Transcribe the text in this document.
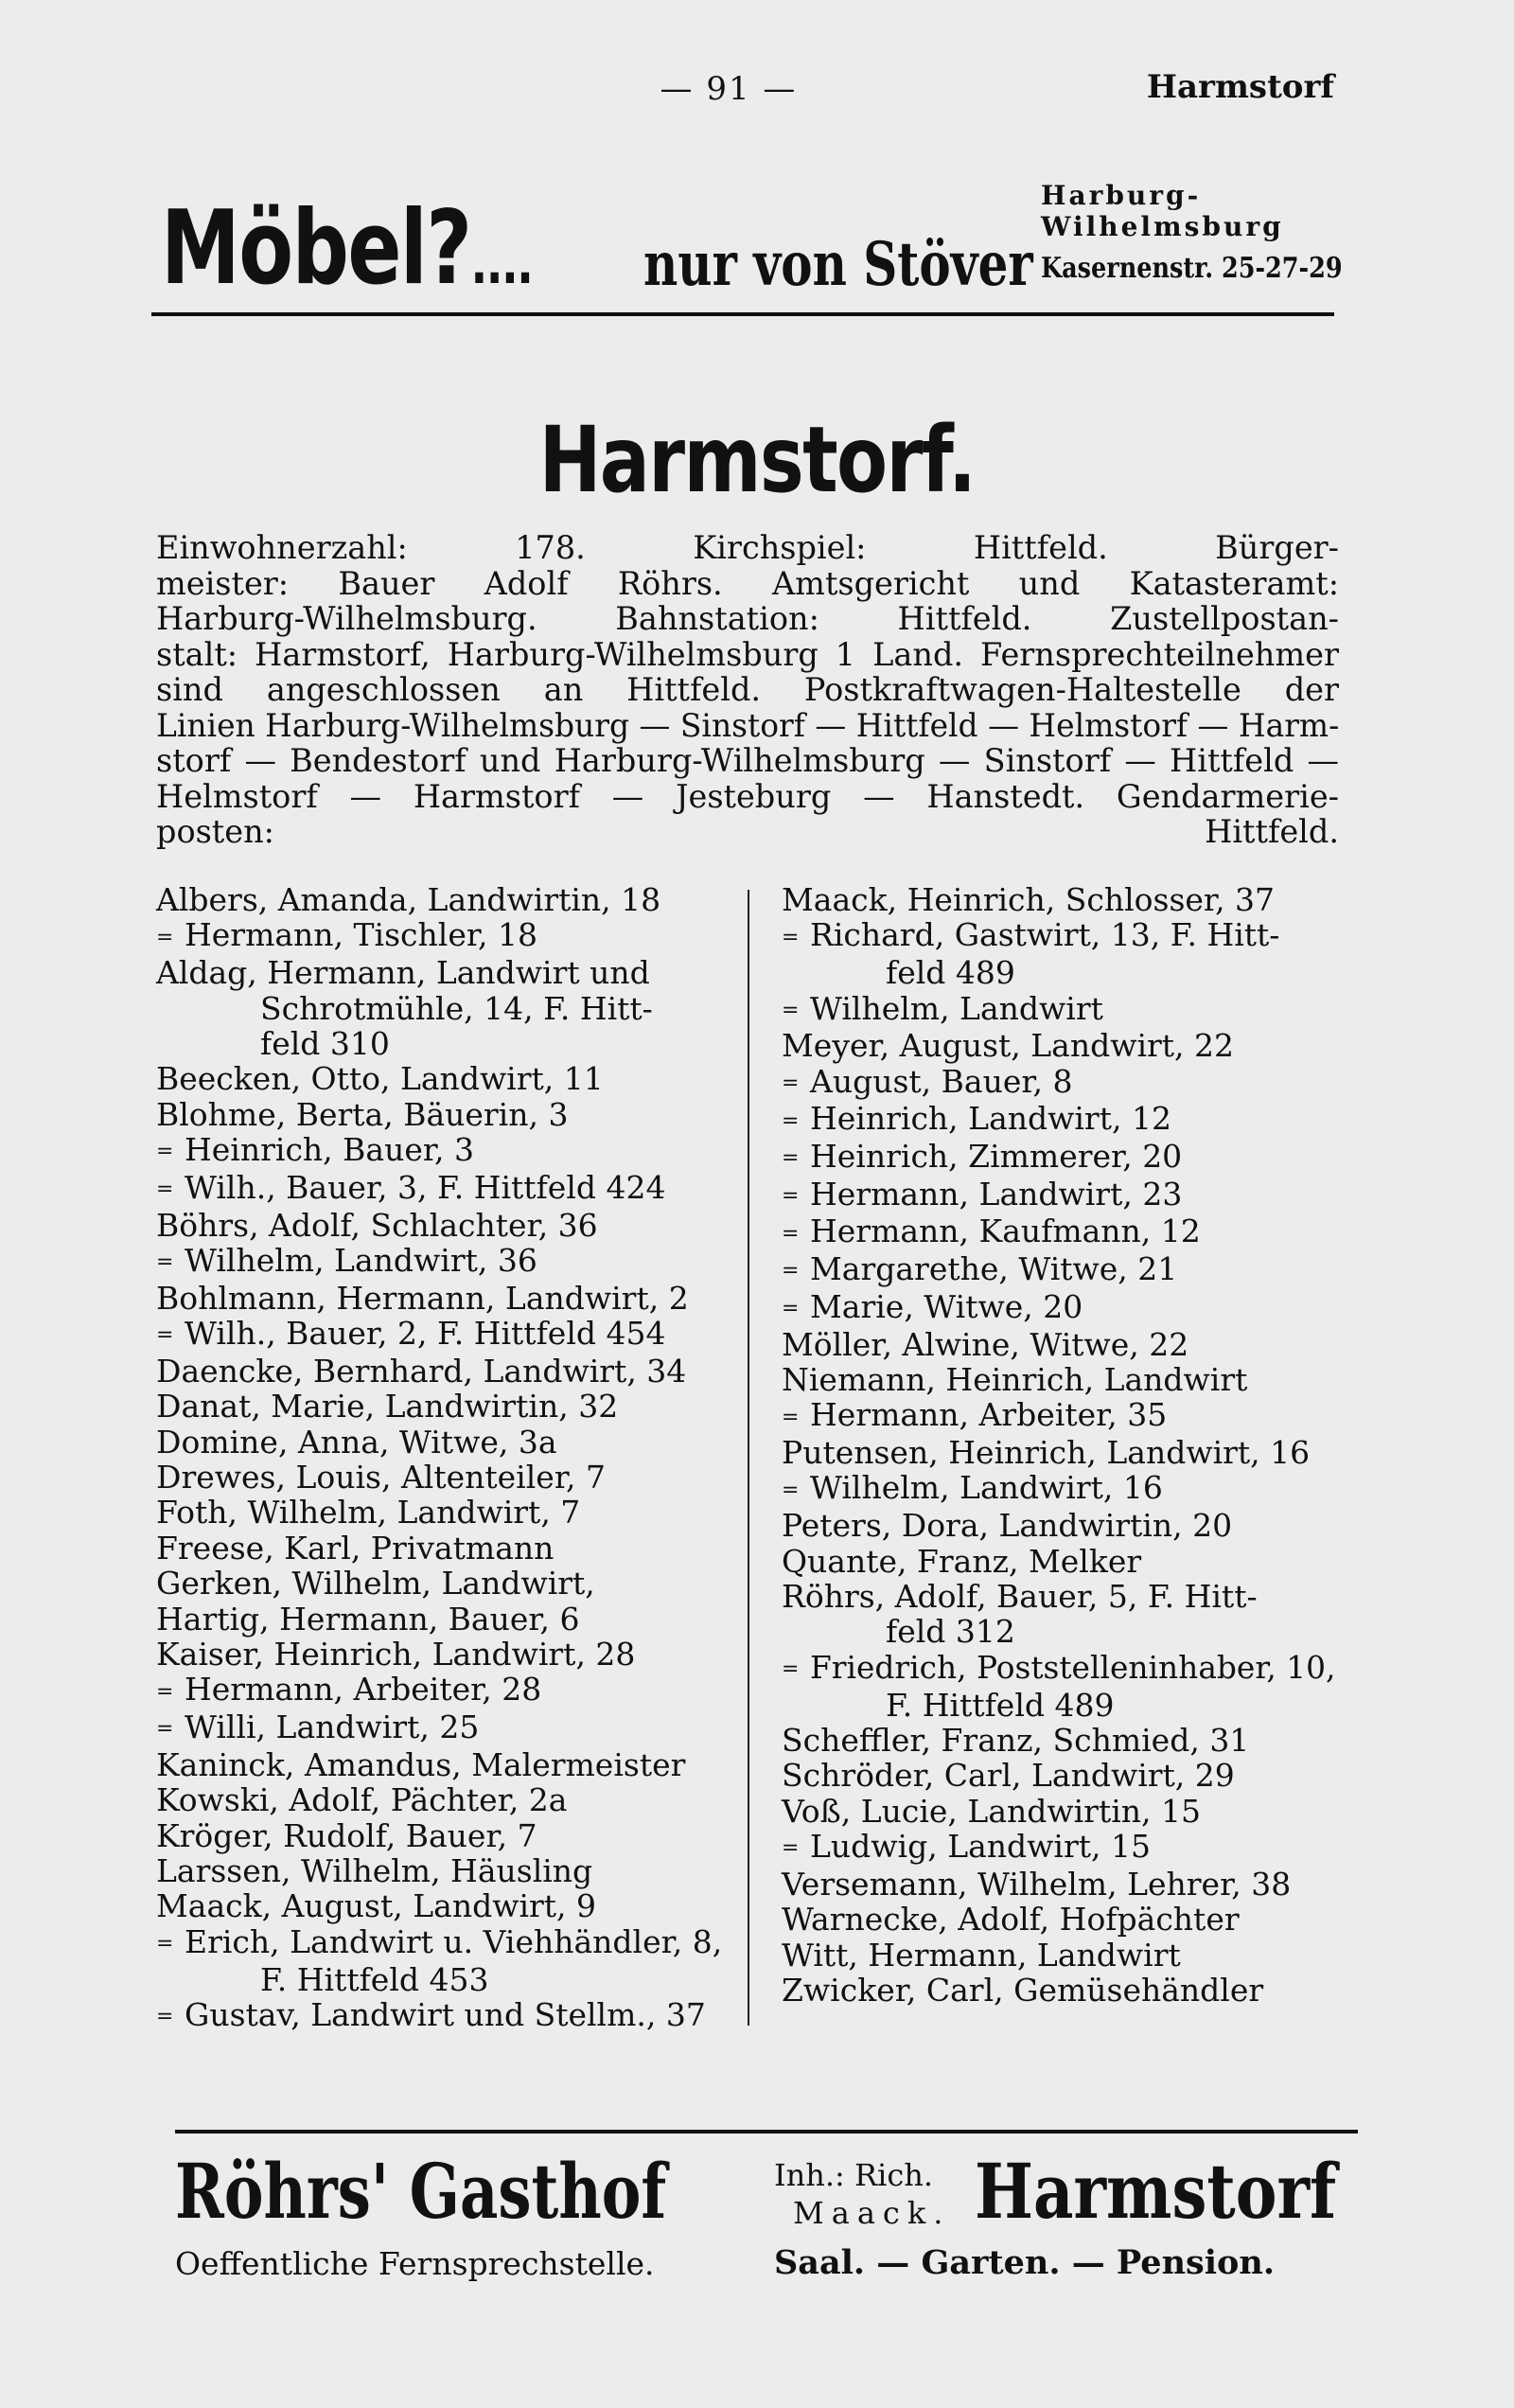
— 91 —	Harmstorf
Möbel?.... nur von Stöver
Harburg-
Wilhelmsburg
Kasernenstr. 25-27-29
Harmstorf.
Einwohnerzahl: 178. Kirchspiel: Hittfeld. Bürger-
meister: Bauer Adolf Röhrs. Amtsgericht und Katasteramt:
Harburg-Wilhelmsburg. Bahnstation: Hittfeld. Zustellpostan-
stalt: Harmstorf, Harburg-Wilhelmsburg 1 Land. Fernsprechteilnehmer
sind angeschlossen an Hittfeld. Postkraftwagen-Haltestelle der
Linien Harburg-Wilhelmsburg — Sinstorf — Hittfeld — Helmstorf — Harm-
storf — Bendestorf und Harburg-Wilhelmsburg — Sinstorf — Hittfeld —
Helmstorf — Harmstorf — Jesteburg — Hanstedt. Gendarmerie-
posten: Hittfeld.
Albers, Amanda, Landwirtin, 18
= Hermann, Tischler, 18
Aldag, Hermann, Landwirt und
Schrotmühle, 14, F. Hitt-
feld 310
Beecken, Otto, Landwirt, 11
Blohme, Berta, Bäuerin, 3
= Heinrich, Bauer, 3
= Wilh., Bauer, 3, F. Hittfeld 424
Böhrs, Adolf, Schlachter, 36
= Wilhelm, Landwirt, 36
Bohlmann, Hermann, Landwirt, 2
= Wilh., Bauer, 2, F. Hittfeld 454
Daencke, Bernhard, Landwirt, 34
Danat, Marie, Landwirtin, 32
Domine, Anna, Witwe, 3a
Drewes, Louis, Altenteiler, 7
Foth, Wilhelm, Landwirt, 7
Freese, Karl, Privatmann
Gerken, Wilhelm, Landwirt,
Hartig, Hermann, Bauer, 6
Kaiser, Heinrich, Landwirt, 28
= Hermann, Arbeiter, 28
= Willi, Landwirt, 25
Kaninck, Amandus, Malermeister
Kowski, Adolf, Pächter, 2a
Kröger, Rudolf, Bauer, 7
Larssen, Wilhelm, Häusling
Maack, August, Landwirt, 9
= Erich, Landwirt u. Viehhändler, 8,
F. Hittfeld 453
= Gustav, Landwirt und Stellm., 37
Maack, Heinrich, Schlosser, 37
= Richard, Gastwirt, 13, F. Hitt-
feld 489
= Wilhelm, Landwirt
Meyer, August, Landwirt, 22
= August, Bauer, 8
= Heinrich, Landwirt, 12
= Heinrich, Zimmerer, 20
= Hermann, Landwirt, 23
= Hermann, Kaufmann, 12
= Margarethe, Witwe, 21
= Marie, Witwe, 20
Möller, Alwine, Witwe, 22
Niemann, Heinrich, Landwirt
= Hermann, Arbeiter, 35
Putensen, Heinrich, Landwirt, 16
= Wilhelm, Landwirt, 16
Peters, Dora, Landwirtin, 20
Quante, Franz, Melker
Röhrs, Adolf, Bauer, 5, F. Hitt-
feld 312
= Friedrich, Poststelleninhaber, 10,
F. Hittfeld 489
Scheffler, Franz, Schmied, 31
Schröder, Carl, Landwirt, 29
Voß, Lucie, Landwirtin, 15
= Ludwig, Landwirt, 15
Versemann, Wilhelm, Lehrer, 38
Warnecke, Adolf, Hofpächter
Witt, Hermann, Landwirt
Zwicker, Carl, Gemüsehändler
Röhrs' Gasthof	Inh.: Rich.
Maack. Harmstorf
Oeffentliche Fernsprechstelle.	Saal. — Garten. — Pension.
